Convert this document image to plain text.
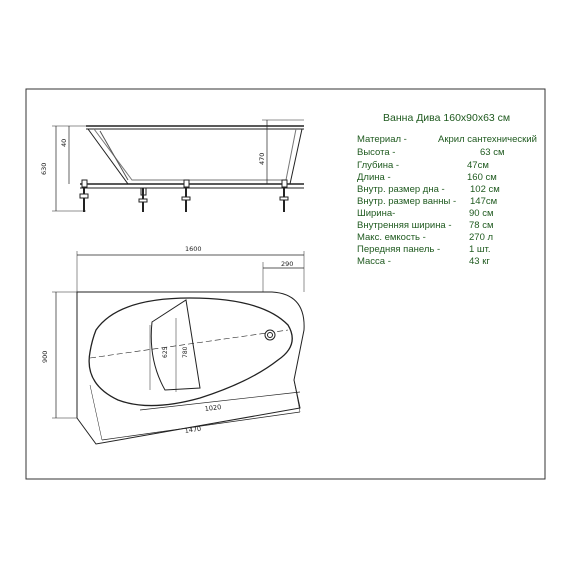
630
40
470
1600
290
900	625 780
1020
1470
Ванна Дива 160х90х63 см
Материал -	Акрил сантехнический
Высота -	63 см
Глубина -	47см
Длина -	160 см
Внутр. размер дна -	102 см
Внутр. размер ванны - 147см
Ширина-	90 см
Внутренняя ширина - 78 см
Макс. емкость -	270 л
Передняя панель -	1 шт.
Масса -	43 кг
